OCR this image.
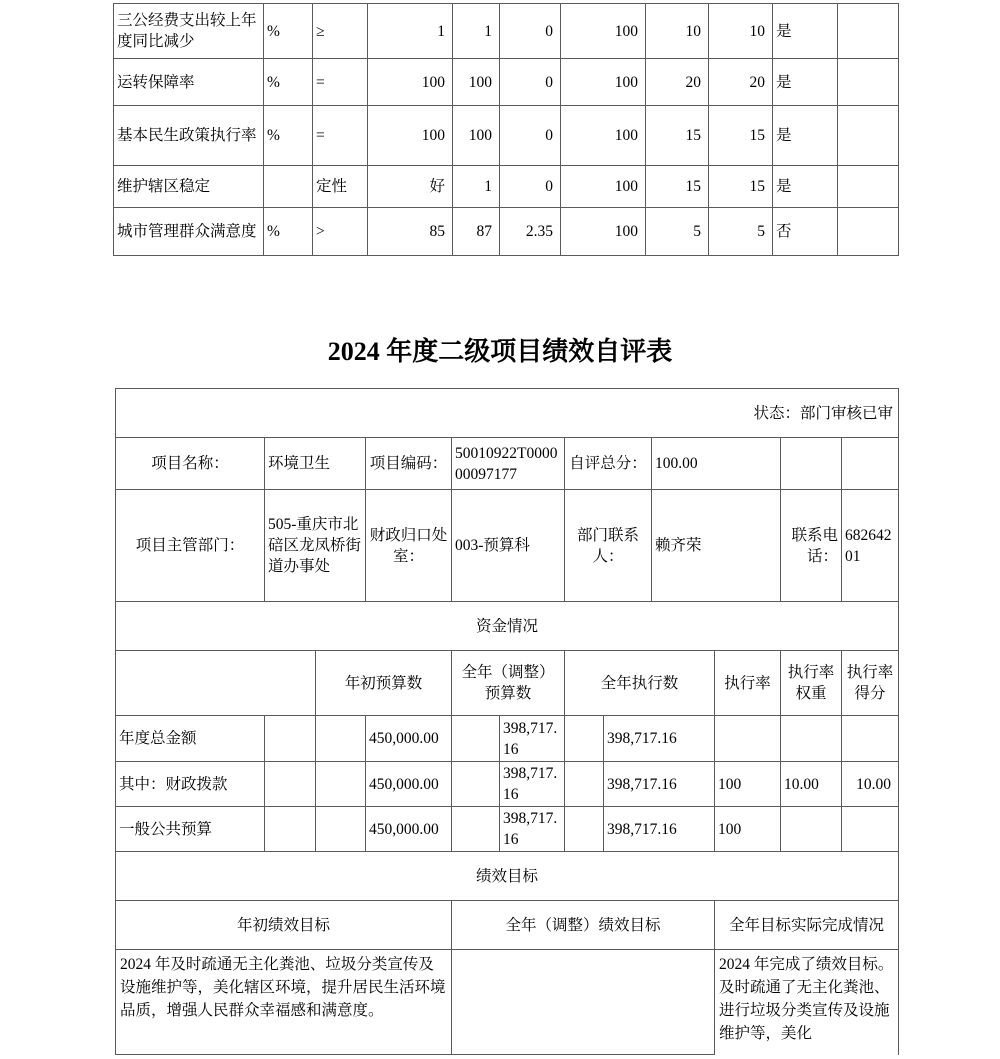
三公经费支出较上年度同比减少	%	≥	1	1	0	100	10	10	是	
运转保障率	%	=	100	100	0	100	20	20	是	
基本民生政策执行率	%	=	100	100	0	100	15	15	是	
维护辖区稳定		定性	好	1	0	100	15	15	是	
城市管理群众满意度	%	>	85	87	2.35	100	5	5	否	
2024 年度二级项目绩效自评表
状态：部门审核已审											
项目名称：	环境卫生		项目编码：	50010922T000000097177		自评总分：		100.00			
项目主管部门：	505-重庆市北碚区龙凤桥街道办事处		财政归口处室：	003-预算科		部门联系人：		赖齐荣		联系电话：	68264201
资金情况											
		年初预算数		全年（调整）预算数		全年执行数			执行率	执行率权重	执行率得分
年度总金额			450,000.00		398,717.16		398,717.16				
其中：财政拨款			450,000.00		398,717.16		398,717.16		100	10.00	10.00
一般公共预算			450,000.00		398,717.16		398,717.16		100		
绩效目标											
年初绩效目标				全年（调整）绩效目标					全年目标实际完成情况		
2024 年及时疏通无主化粪池、垃圾分类宣传及设施维护等，美化辖区环境，提升居民生活环境品质，增强人民群众幸福感和满意度。									2024 年完成了绩效目标。及时疏通了无主化粪池、进行垃圾分类宣传及设施维护等，美化		
